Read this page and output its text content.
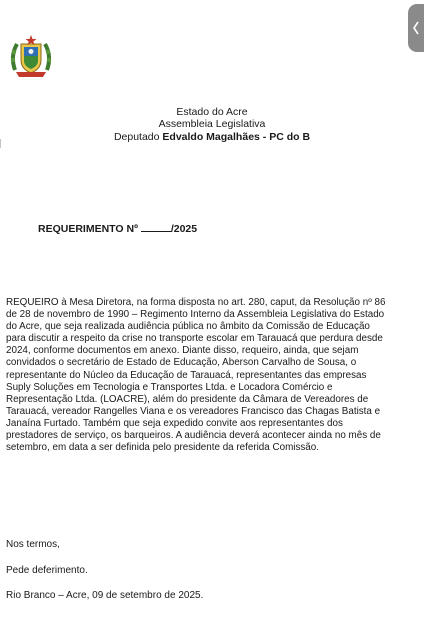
Estado do Acre
Assembleia Legislativa
Deputado Edvaldo Magalhães - PC do B
REQUERIMENTO Nº	/2025

REQUEIRO à Mesa Diretora, na forma disposta no art. 280, caput, da Resolução nº 86
de 28 de novembro de 1990 – Regimento Interno da Assembleia Legislativa do Estado
do Acre, que seja realizada audiência pública no âmbito da Comissão de Educação
para discutir a respeito da crise no transporte escolar em Tarauacá que perdura desde
2024, conforme documentos em anexo. Diante disso, requeiro, ainda, que sejam
convidados o secretário de Estado de Educação, Aberson Carvalho de Sousa, o
representante do Núcleo da Educação de Tarauacá, representantes das empresas
Suply Soluções em Tecnologia e Transportes Ltda. e Locadora Comércio e
Representação Ltda. (LOACRE), além do presidente da Câmara de Vereadores de
Tarauacá, vereador Rangelles Viana e os vereadores Francisco das Chagas Batista e
Janaína Furtado. Também que seja expedido convite aos representantes dos
prestadores de serviço, os barqueiros. A audiência deverá acontecer ainda no mês de
setembro, em data a ser definida pelo presidente da referida Comissão.

Nos termos,
Pede deferimento.
Rio Branco – Acre, 09 de setembro de 2025.
